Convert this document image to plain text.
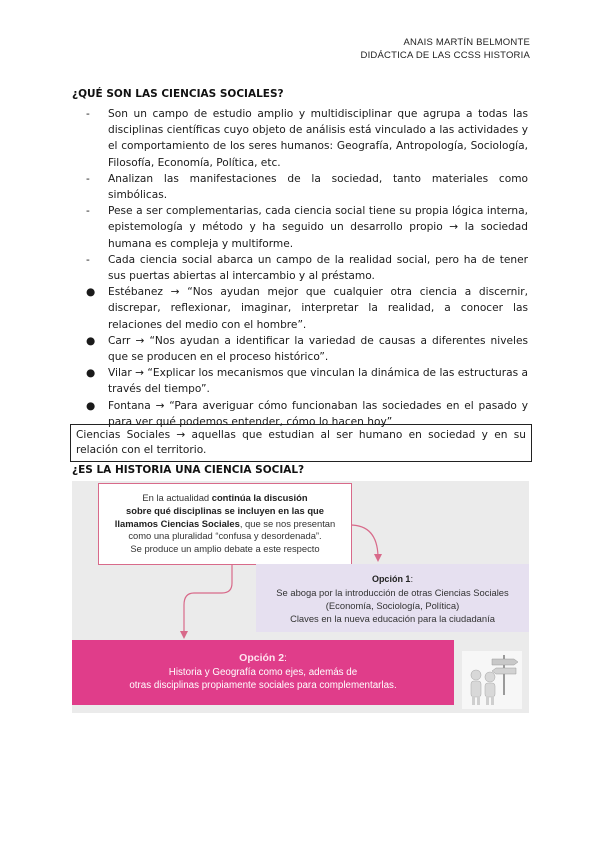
ANAIS MARTÍN BELMONTE
DIDÁCTICA DE LAS CCSS HISTORIA
¿QUÉ SON LAS CIENCIAS SOCIALES?
-	Son un campo de estudio amplio y multidisciplinar que agrupa a todas las disciplinas científicas cuyo objeto de análisis está vinculado a las actividades y el comportamiento de los seres humanos: Geografía, Antropología, Sociología, Filosofía, Economía, Política, etc.
-	Analizan las manifestaciones de la sociedad, tanto materiales como simbólicas.
-	Pese a ser complementarias, cada ciencia social tiene su propia lógica interna, epistemología y método y ha seguido un desarrollo propio → la sociedad humana es compleja y multiforme.
-	Cada ciencia social abarca un campo de la realidad social, pero ha de tener sus puertas abiertas al intercambio y al préstamo.
● Estébanez → “Nos ayudan mejor que cualquier otra ciencia a discernir, discrepar, reflexionar, imaginar, interpretar la realidad, a conocer las relaciones del medio con el hombre”.
● Carr → “Nos ayudan a identificar la variedad de causas a diferentes niveles que se producen en el proceso histórico”.
● Vilar → “Explicar los mecanismos que vinculan la dinámica de las estructuras a través del tiempo”.
● Fontana → “Para averiguar cómo funcionaban las sociedades en el pasado y para ver qué podemos entender, cómo lo hacen hoy”
Ciencias Sociales → aquellas que estudian al ser humano en sociedad y en su relación con el territorio.
¿ES LA HISTORIA UNA CIENCIA SOCIAL?
En la actualidad continúa la discusión
sobre qué disciplinas se incluyen en las que
llamamos Ciencias Sociales, que se nos presentan
como una pluralidad “confusa y desordenada”.
Se produce un amplio debate a este respecto
Opción 1:
Se aboga por la introducción de otras Ciencias Sociales
(Economía, Sociología, Política)
Claves en la nueva educación para la ciudadanía
Opción 2:
Historia y Geografía como ejes, además de
otras disciplinas propiamente sociales para complementarlas.
